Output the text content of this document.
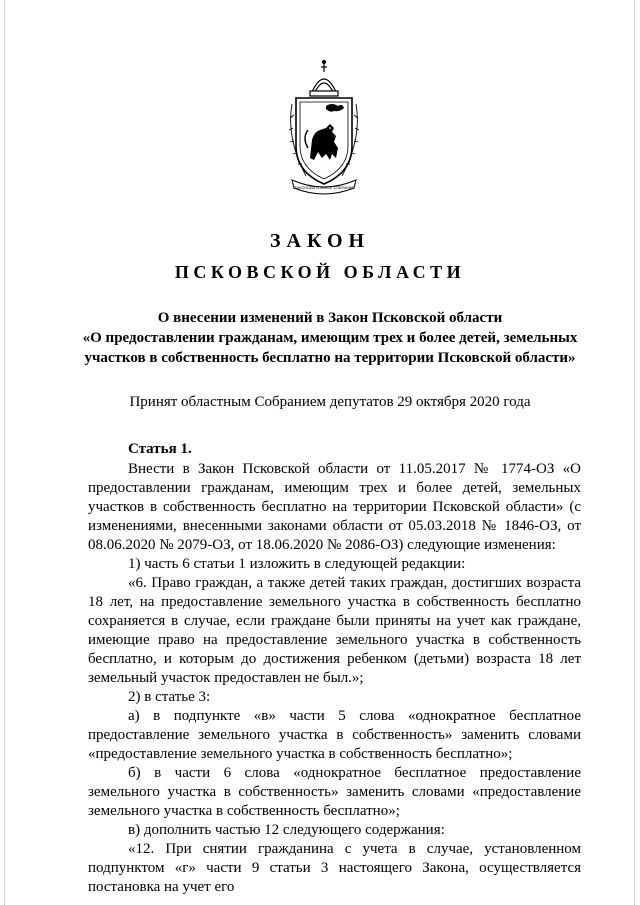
ЗАКОНОДАТЕЛЬНОЕ СОБРАНИЕ
ЗАКОН
ПСКОВСКОЙ ОБЛАСТИ
О внесении изменений в Закон Псковской области
«О предоставлении гражданам, имеющим трех и более детей, земельных участков в собственность бесплатно на территории Псковской области»
Принят областным Собранием депутатов 29 октября 2020 года
Статья 1.

Внести в Закон Псковской области от 11.05.2017 № 1774-ОЗ «О предоставлении гражданам, имеющим трех и более детей, земельных участков в собственность бесплатно на территории Псковской области» (с изменениями, внесенными законами области от 05.03.2018 № 1846-ОЗ, от 08.06.2020 № 2079-ОЗ, от 18.06.2020 № 2086-ОЗ) следующие изменения:

1) часть 6 статьи 1 изложить в следующей редакции:

«6. Право граждан, а также детей таких граждан, достигших возраста 18 лет, на предоставление земельного участка в собственность бесплатно сохраняется в случае, если граждане были приняты на учет как граждане, имеющие право на предоставление земельного участка в собственность бесплатно, и которым до достижения ребенком (детьми) возраста 18 лет земельный участок предоставлен не был.»;

2) в статье 3:

а) в подпункте «в» части 5 слова «однократное бесплатное предоставление земельного участка в собственность» заменить словами «предоставление земельного участка в собственность бесплатно»;

б) в части 6 слова «однократное бесплатное предоставление земельного участка в собственность» заменить словами «предоставление земельного участка в собственность бесплатно»;

в) дополнить частью 12 следующего содержания:

«12. При снятии гражданина с учета в случае, установленном подпунктом «г» части 9 статьи 3 настоящего Закона, осуществляется постановка на учет его
